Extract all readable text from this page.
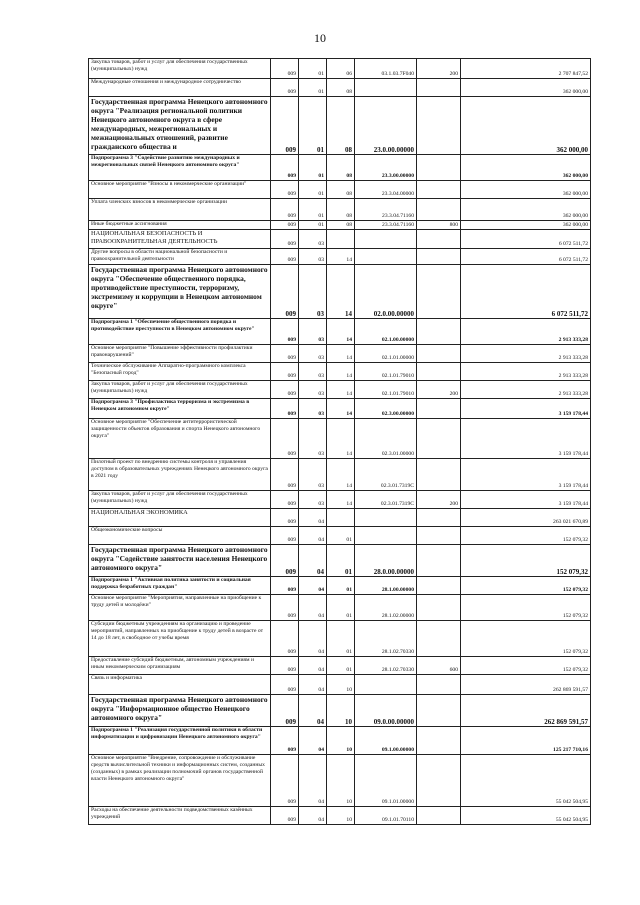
10
Закупка товаров, работ и услуг для обеспечения государственных (муниципальных) нужд	009	01	06	03.1.03.7F040	200	2 707 847,52
Международные отношения и международное сотрудничество	009	01	08			362 000,00
Государственная программа Ненецкого автономного округа "Реализация региональной политики Ненецкого автономного округа в сфере международных, межрегиональных и межнациональных отношений, развитие гражданского общества и	009	01	08	23.0.00.00000		362 000,00
Подпрограмма 3 "Содействие развитию международных и межрегиональных связей Ненецкого автономного округа"	009	01	08	23.3.00.00000		362 000,00
Основное мероприятие "Взносы в некоммерческие организации"	009	01	08	23.3.04.00000		362 000,00
Уплата членских взносов в некоммерческие организации	009	01	08	23.3.04.71160		362 000,00
Иные бюджетные ассигнования	009	01	08	23.3.04.71160	800	362 000,00
НАЦИОНАЛЬНАЯ БЕЗОПАСНОСТЬ И ПРАВООХРАНИТЕЛЬНАЯ ДЕЯТЕЛЬНОСТЬ	009	03				6 072 511,72
Другие вопросы в области национальной безопасности и правоохранительной деятельности	009	03	14			6 072 511,72
Государственная программа Ненецкого автономного округа "Обеспечение общественного порядка, противодействие преступности, терроризму, экстремизму и коррупции в Ненецком автономном округе"	009	03	14	02.0.00.00000		6 072 511,72
Подпрограмма 1 "Обеспечение общественного порядка и противодействие преступности в Ненецком автономном округе"	009	03	14	02.1.00.00000		2 913 333,28
Основное мероприятие "Повышение эффективности профилактики правонарушений"	009	03	14	02.1.01.00000		2 913 333,28
Техническое обслуживание Аппаратно-программного комплекса "Безопасный город"	009	03	14	02.1.01.79010		2 913 333,28
Закупка товаров, работ и услуг для обеспечения государственных (муниципальных) нужд	009	03	14	02.1.01.79010	200	2 913 333,28
Подпрограмма 3 "Профилактика терроризма и экстремизма в Ненецком автономном округе"	009	03	14	02.3.00.00000		3 159 178,44
Основное мероприятие "Обеспечение антитеррористической защищенности объектов образования и спорта Ненецкого автономного округа"	009	03	14	02.3.01.00000		3 159 178,44
Пилотный проект по внедрению системы контроля и управления доступом в образовательных учреждениях Ненецкого автономного округа в 2021 году	009	03	14	02.3.01.7319C		3 159 178,44
Закупка товаров, работ и услуг для обеспечения государственных (муниципальных) нужд	009	03	14	02.3.01.7319C	200	3 159 178,44
НАЦИОНАЛЬНАЯ ЭКОНОМИКА	009	04				263 021 670,89
Общеэкономические вопросы	009	04	01			152 079,32
Государственная программа Ненецкого автономного округа "Содействие занятости населения Ненецкого автономного округа"	009	04	01	28.0.00.00000		152 079,32
Подпрограмма 1 "Активная политика занятости и социальная поддержка безработных граждан"	009	04	01	28.1.00.00000		152 079,32
Основное мероприятие "Мероприятия, направленные на приобщение к труду детей и молодёжи"	009	04	01	28.1.02.00000		152 079,32
Субсидии бюджетным учреждениям на организацию и проведение мероприятий, направленных на приобщение к труду детей в возрасте от 14 до 18 лет, в свободное от учебы время	009	04	01	28.1.02.70330		152 079,32
Предоставление субсидий бюджетным, автономным учреждениям и иным некоммерческим организациям	009	04	01	28.1.02.70330	600	152 079,32
Связь и информатика	009	04	10			262 869 591,57
Государственная программа Ненецкого автономного округа "Информационное общество Ненецкого автономного округа"	009	04	10	09.0.00.00000		262 869 591,57
Подпрограмма 1 "Реализация государственной политики в области информатизации и цифровизации Ненецкого автономного округа"	009	04	10	09.1.00.00000		125 217 710,16
Основное мероприятие "Внедрение, сопровождение и обслуживание средств вычислительной техники и информационных систем, созданных (созданных) в рамках реализации полномочий органов государственной власти Ненецкого автономного округа"	009	04	10	09.1.01.00000		55 042 504,95
Расходы на обеспечение деятельности подведомственных казённых учреждений	009	04	10	09.1.01.70110		55 042 504,95
